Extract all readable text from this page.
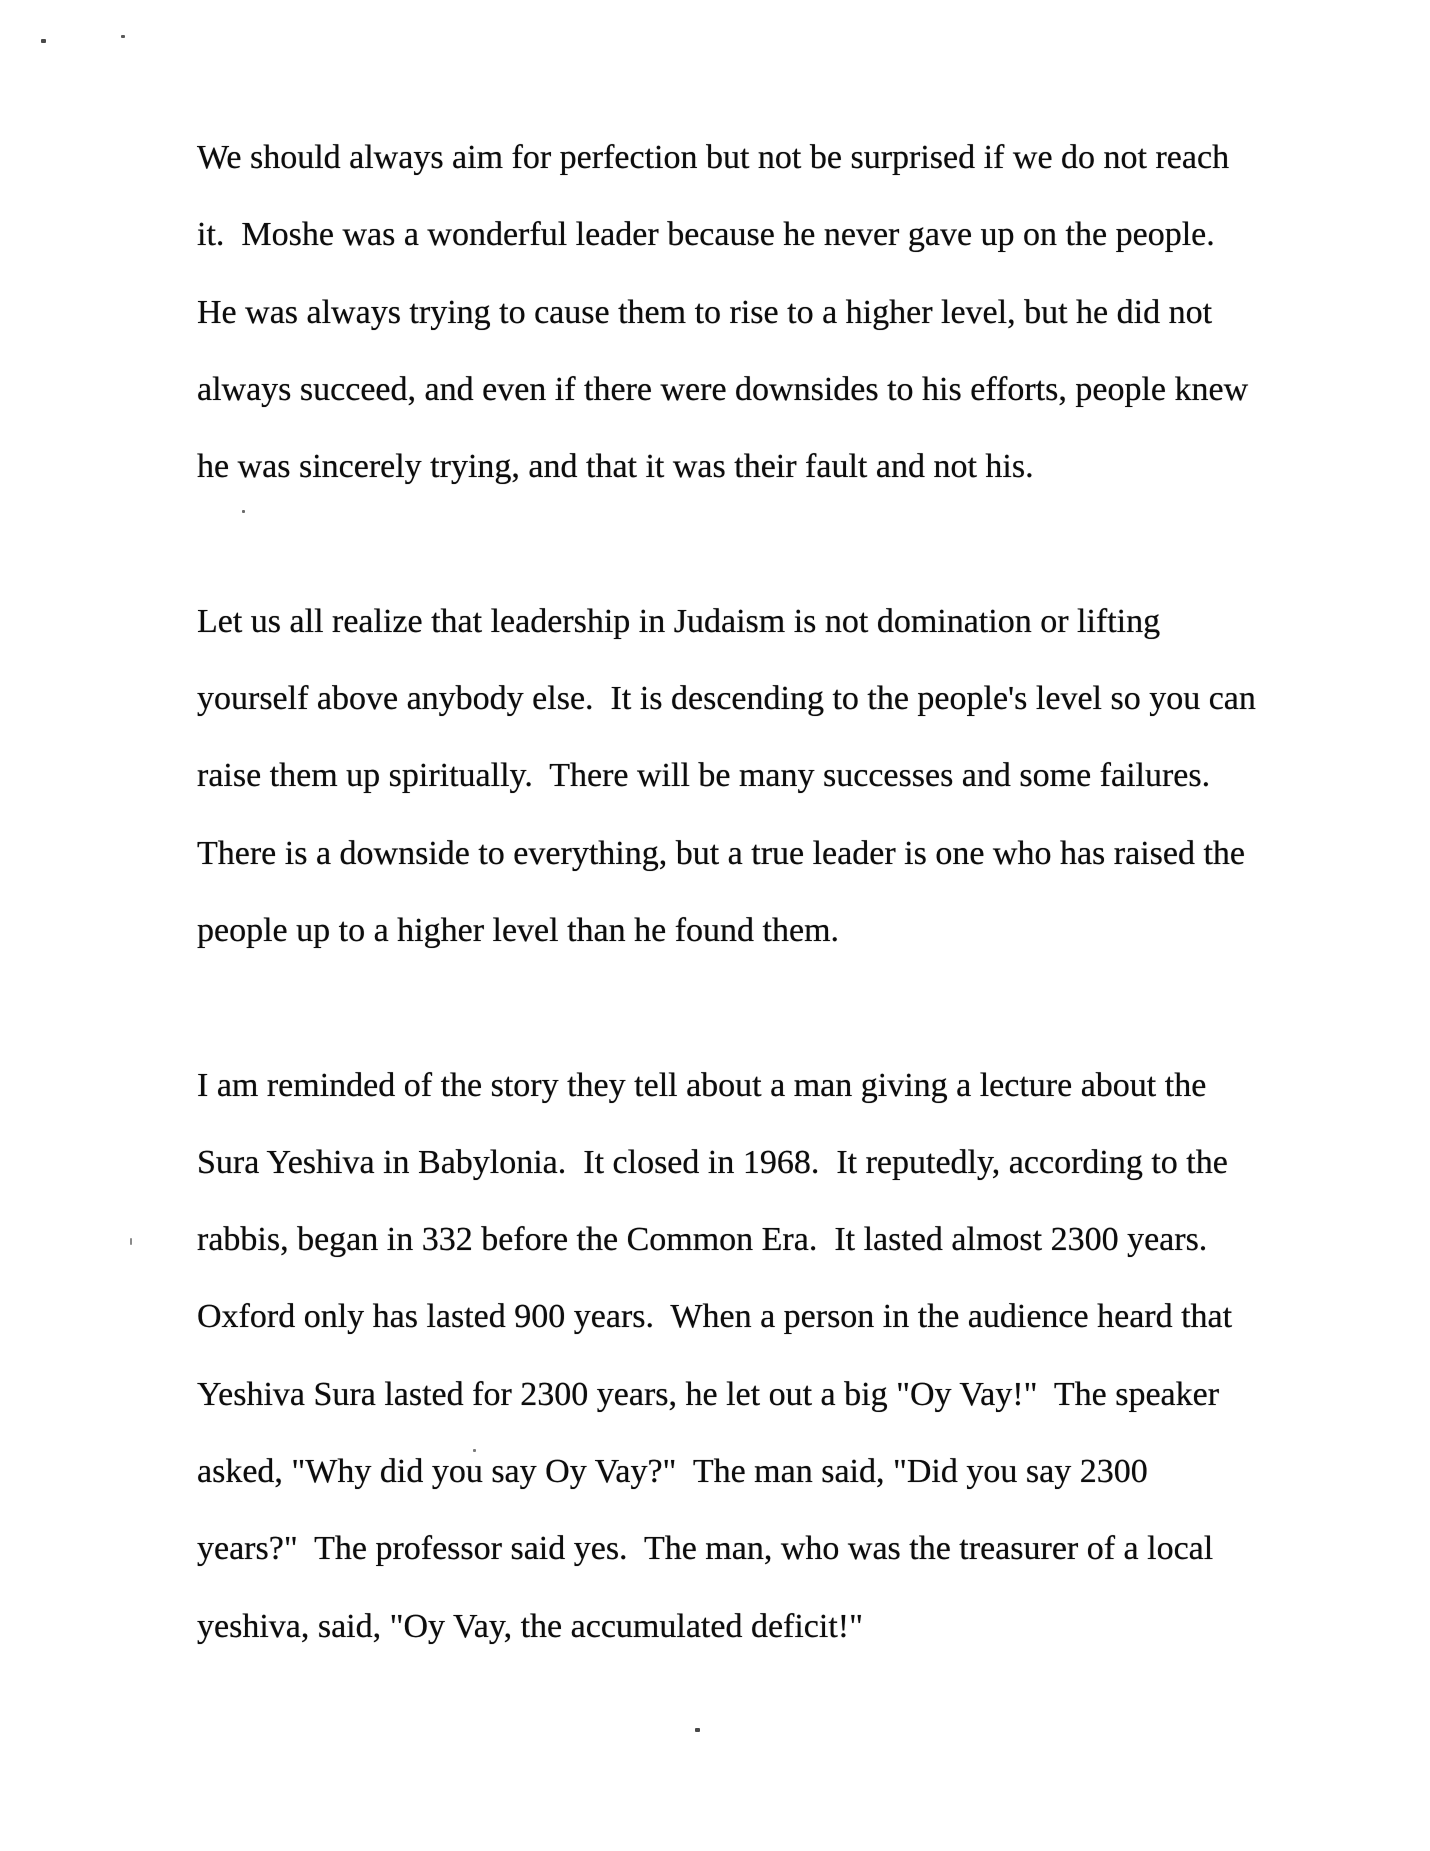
We should always aim for perfection but not be surprised if we do not reach
it.  Moshe was a wonderful leader because he never gave up on the people.
He was always trying to cause them to rise to a higher level, but he did not
always succeed, and even if there were downsides to his efforts, people knew
he was sincerely trying, and that it was their fault and not his.
Let us all realize that leadership in Judaism is not domination or lifting
yourself above anybody else.  It is descending to the people's level so you can
raise them up spiritually.  There will be many successes and some failures.
There is a downside to everything, but a true leader is one who has raised the
people up to a higher level than he found them.
I am reminded of the story they tell about a man giving a lecture about the
Sura Yeshiva in Babylonia.  It closed in 1968.  It reputedly, according to the
rabbis, began in 332 before the Common Era.  It lasted almost 2300 years.
Oxford only has lasted 900 years.  When a person in the audience heard that
Yeshiva Sura lasted for 2300 years, he let out a big "Oy Vay!"  The speaker
asked, "Why did you say Oy Vay?"  The man said, "Did you say 2300
years?"  The professor said yes.  The man, who was the treasurer of a local
yeshiva, said, "Oy Vay, the accumulated deficit!"
